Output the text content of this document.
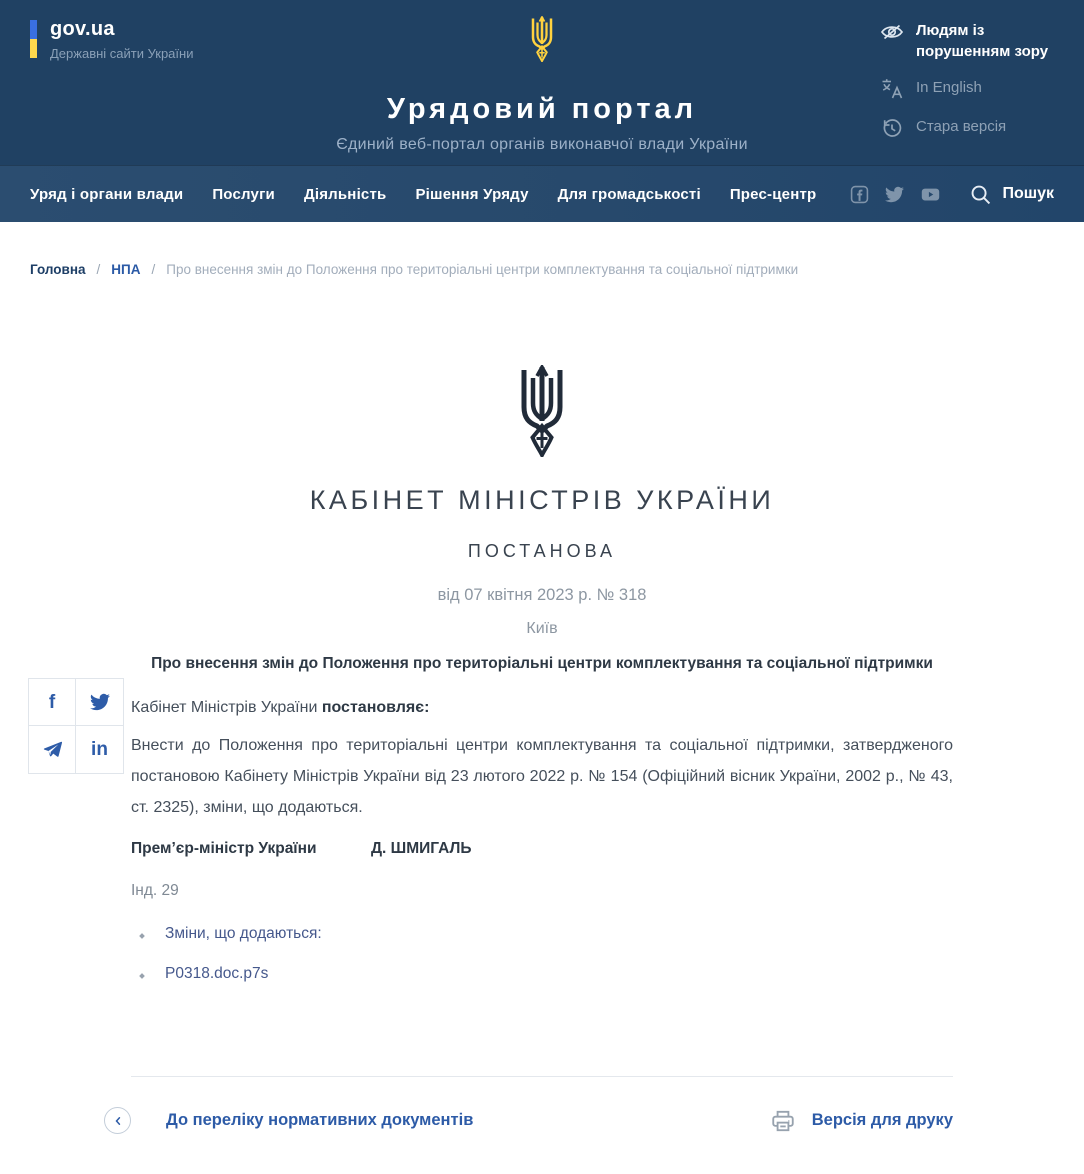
gov.ua
Державні сайти України
Урядовий портал
Єдиний веб-портал органів виконавчої влади України
Людям із порушенням зору
In English
Стара версія
Уряд і органи влади Послуги Діяльність Рішення Уряду Для громадськості Прес-центр	Пошук
Головна / НПА / Про внесення змін до Положення про територіальні центри комплектування та соціальної підтримки
f
in
КАБІНЕТ МІНІСТРІВ УКРАЇНИ
ПОСТАНОВА
від 07 квітня 2023 р. № 318
Київ
Про внесення змін до Положення про територіальні центри комплектування та соціальної підтримки

Кабінет Міністрів України постановляє:

Внести до Положення про територіальні центри комплектування та соціальної підтримки, затвердженого постановою Кабінету Міністрів України від 23 лютого 2022 р. № 154 (Офіційний вісник України, 2002 р., № 43, ст. 2325), зміни, що додаються.

Прем’єр-міністр України	Д. ШМИГАЛЬ
Інд. 29
Зміни, що додаються:
P0318.doc.p7s
До переліку нормативних документів	Версія для друку
